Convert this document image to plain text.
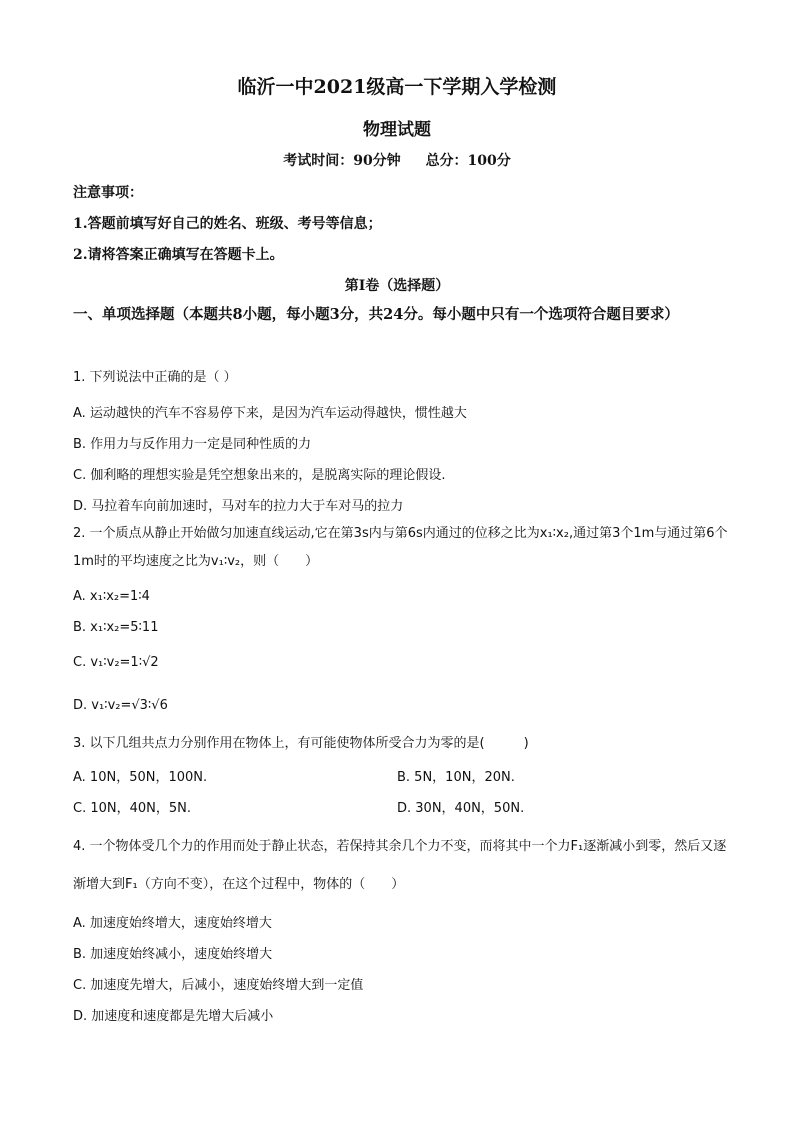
临沂一中2021级高一下学期入学检测
物理试题
考试时间：90分钟 总分：100分
注意事项：
1.答题前填写好自己的姓名、班级、考号等信息；
2.请将答案正确填写在答题卡上。
第I卷（选择题）
一、单项选择题（本题共8小题，每小题3分，共24分。每小题中只有一个选项符合题目要求）
1. 下列说法中正确的是（ ）
A. 运动越快的汽车不容易停下来，是因为汽车运动得越快，惯性越大
B. 作用力与反作用力一定是同种性质的力
C. 伽利略的理想实验是凭空想象出来的，是脱离实际的理论假设.
D. 马拉着车向前加速时，马对车的拉力大于车对马的拉力
2. 一个质点从静止开始做匀加速直线运动,它在第3s内与第6s内通过的位移之比为x₁∶x₂,通过第3个1m与通过第6个1m时的平均速度之比为v₁∶v₂，则（　　）
A. x₁∶x₂=1∶4
B. x₁∶x₂=5∶11
C. v₁∶v₂=1∶√2
D. v₁∶v₂=√3∶√6
3. 以下几组共点力分别作用在物体上，有可能使物体所受合力为零的是(　　　)
A. 10N，50N，100N.	B. 5N，10N，20N.
C. 10N，40N，5N.	D. 30N，40N，50N.
4. 一个物体受几个力的作用而处于静止状态，若保持其余几个力不变，而将其中一个力F₁逐渐减小到零，然后又逐渐增大到F₁（方向不变），在这个过程中，物体的（　　）
A. 加速度始终增大，速度始终增大
B. 加速度始终减小，速度始终增大
C. 加速度先增大，后减小，速度始终增大到一定值
D. 加速度和速度都是先增大后减小
